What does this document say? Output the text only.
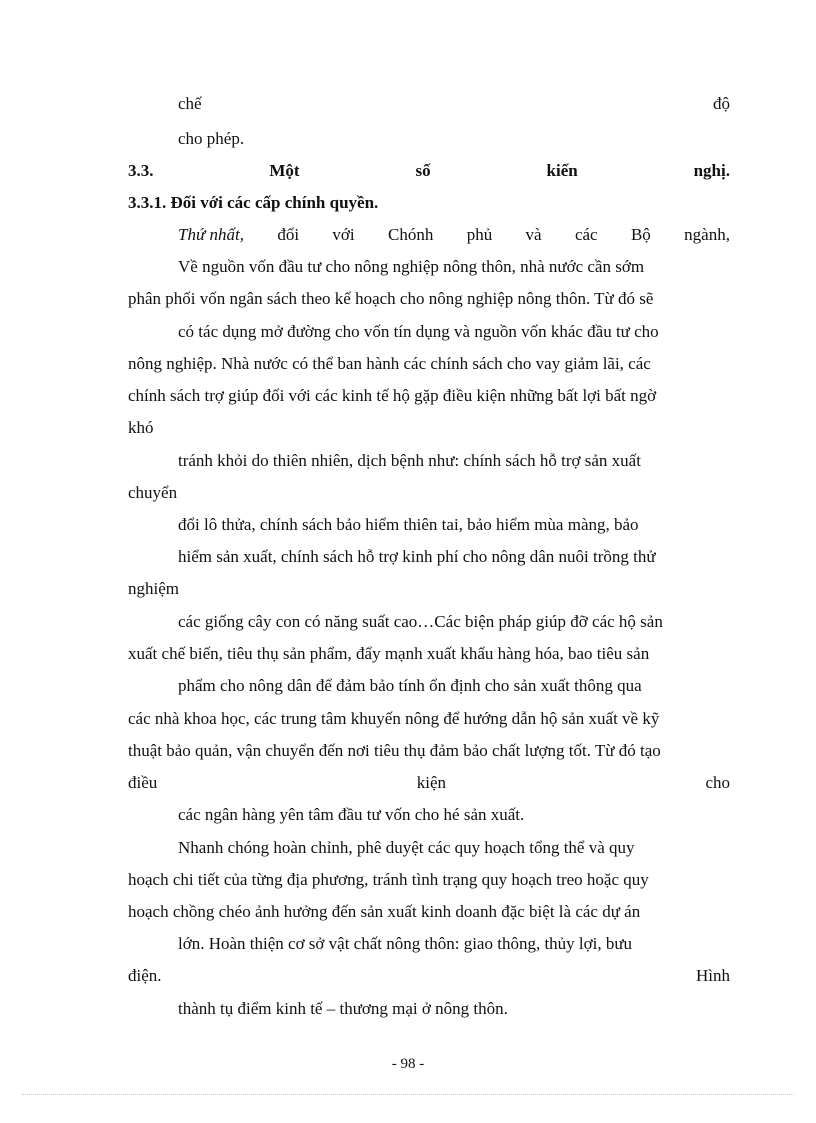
chế	độ
cho phép.
3.3.	Một	số	kiến	nghị.
3.3.1. Đối với các cấp chính quyền.
Thứ nhất, đối với Chónh phủ và các Bộ ngành,
Về nguồn vốn đầu tư cho nông nghiệp nông thôn, nhà nước cần sớm
phân phối vốn ngân sách theo kế hoạch cho nông nghiệp nông thôn. Từ đó sẽ
có tác dụng mở đường cho vốn tín dụng và nguồn vốn khác đầu tư cho
nông nghiệp. Nhà nước có thể ban hành các chính sách cho vay giảm lãi, các
chính sách trợ giúp đối với các kinh tế hộ gặp điều kiện những bất lợi bất ngờ
khó
tránh khỏi do thiên nhiên, dịch bệnh như: chính sách hỗ trợ sản xuất
chuyển
đổi lô thửa, chính sách bảo hiểm thiên tai, bảo hiểm mùa màng, bảo
hiểm sản xuất, chính sách hỗ trợ kinh phí cho nông dân nuôi trồng thử
nghiệm
các giống cây con có năng suất cao…Các biện pháp giúp đỡ các hộ sản
xuất chế biến, tiêu thụ sản phẩm, đẩy mạnh xuất khẩu hàng hóa, bao tiêu sản
phẩm cho nông dân để đảm bảo tính ổn định cho sản xuất thông qua
các nhà khoa học, các trung tâm khuyến nông để hướng dẫn hộ sản xuất về kỹ
thuật bảo quản, vận chuyển đến nơi tiêu thụ đảm bảo chất lượng tốt. Từ đó tạo
điều	kiện	cho
các ngân hàng yên tâm đầu tư vốn cho hé sản xuất.
Nhanh chóng hoàn chỉnh, phê duyệt các quy hoạch tổng thể và quy
hoạch chi tiết của từng địa phương, tránh tình trạng quy hoạch treo hoặc quy
hoạch chồng chéo ảnh hưởng đến sản xuất kinh doanh đặc biệt là các dự án
lớn. Hoàn thiện cơ sở vật chất nông thôn: giao thông, thủy lợi, bưu
điện.	Hình
thành tụ điểm kinh tế – thương mại ở nông thôn.
- 98 -
